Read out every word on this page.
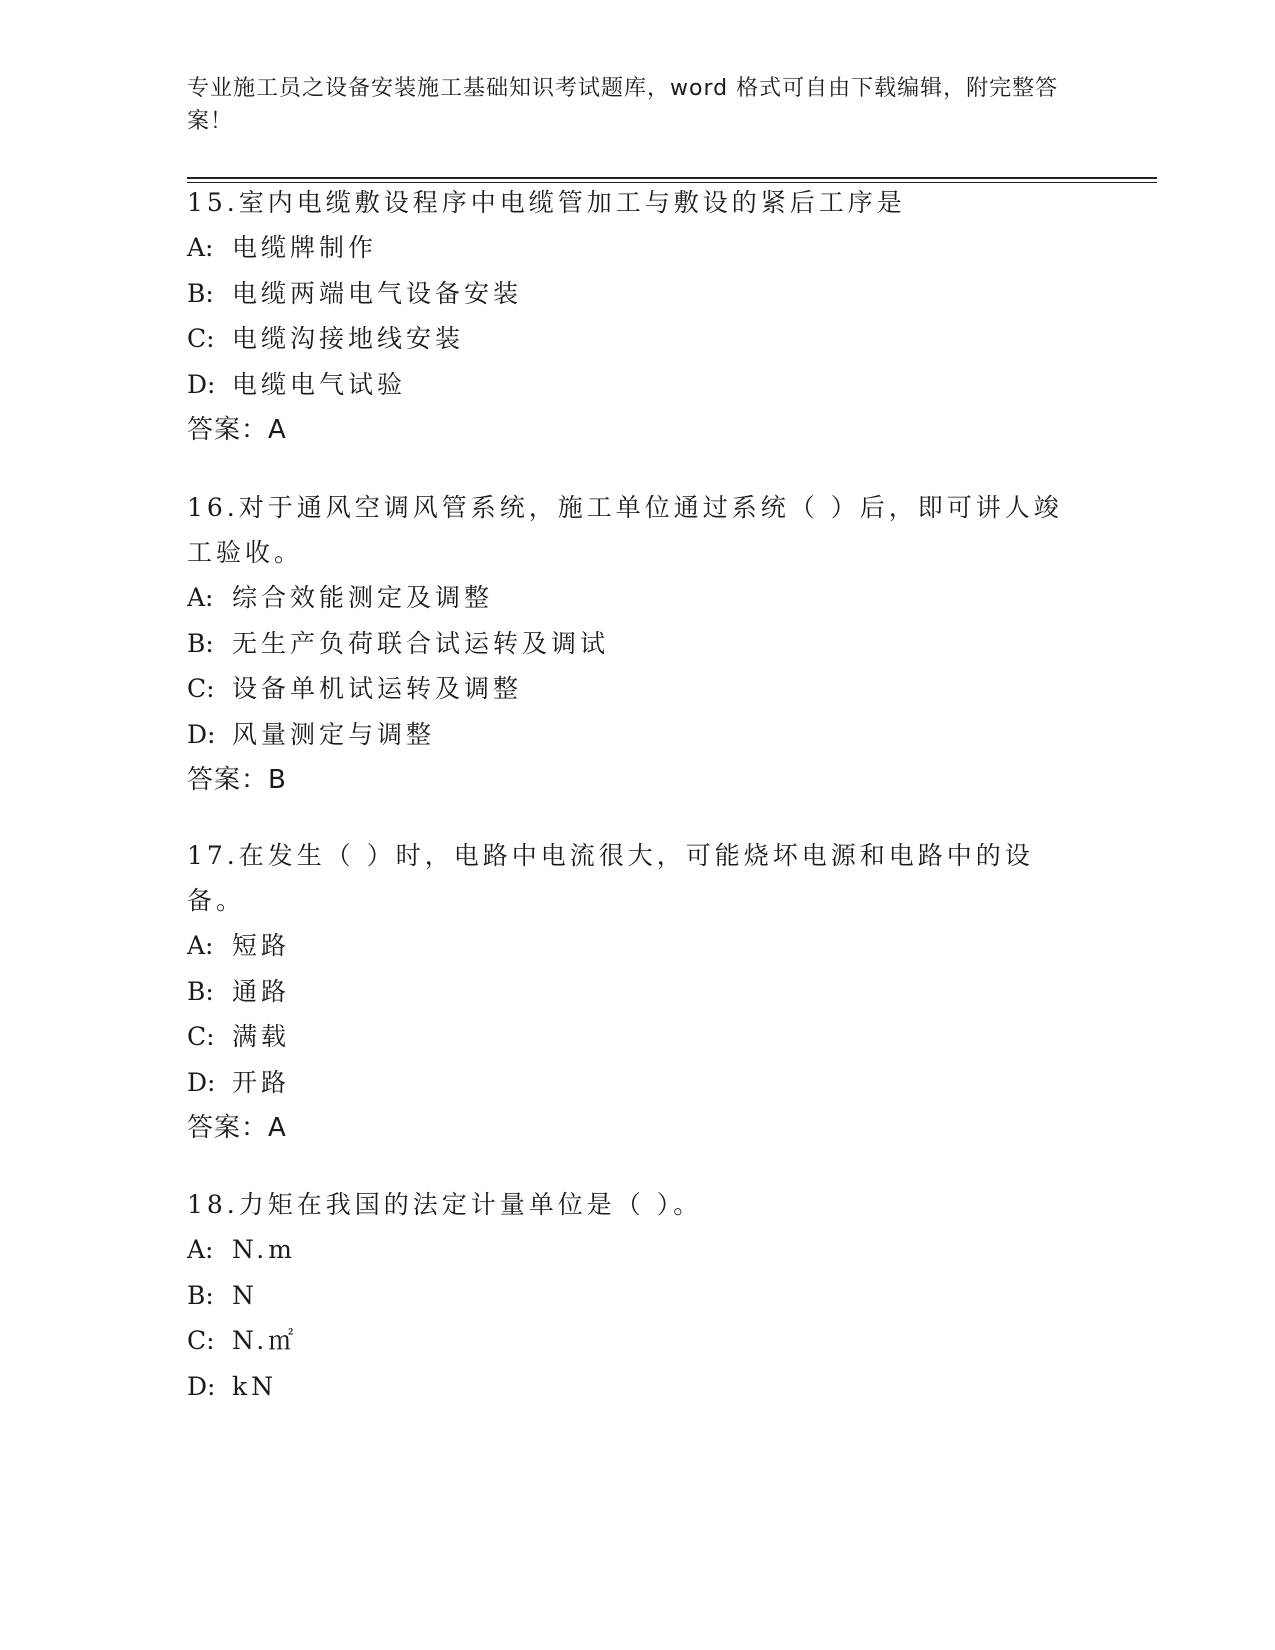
专业施工员之设备安装施工基础知识考试题库，word 格式可自由下载编辑，附完整答案！
15.室内电缆敷设程序中电缆管加工与敷设的紧后工序是
A: 电缆牌制作
B: 电缆两端电气设备安装
C: 电缆沟接地线安装
D: 电缆电气试验
答案：A
16.对于通风空调风管系统，施工单位通过系统（ ）后，即可讲人竣工验收。
A: 综合效能测定及调整
B: 无生产负荷联合试运转及调试
C: 设备单机试运转及调整
D: 风量测定与调整
答案：B
17.在发生（ ）时，电路中电流很大，可能烧坏电源和电路中的设备。
A: 短路
B: 通路
C: 满载
D: 开路
答案：A
18.力矩在我国的法定计量单位是（ ）。
A: N.m
B: N
C: N.㎡
D: kN
